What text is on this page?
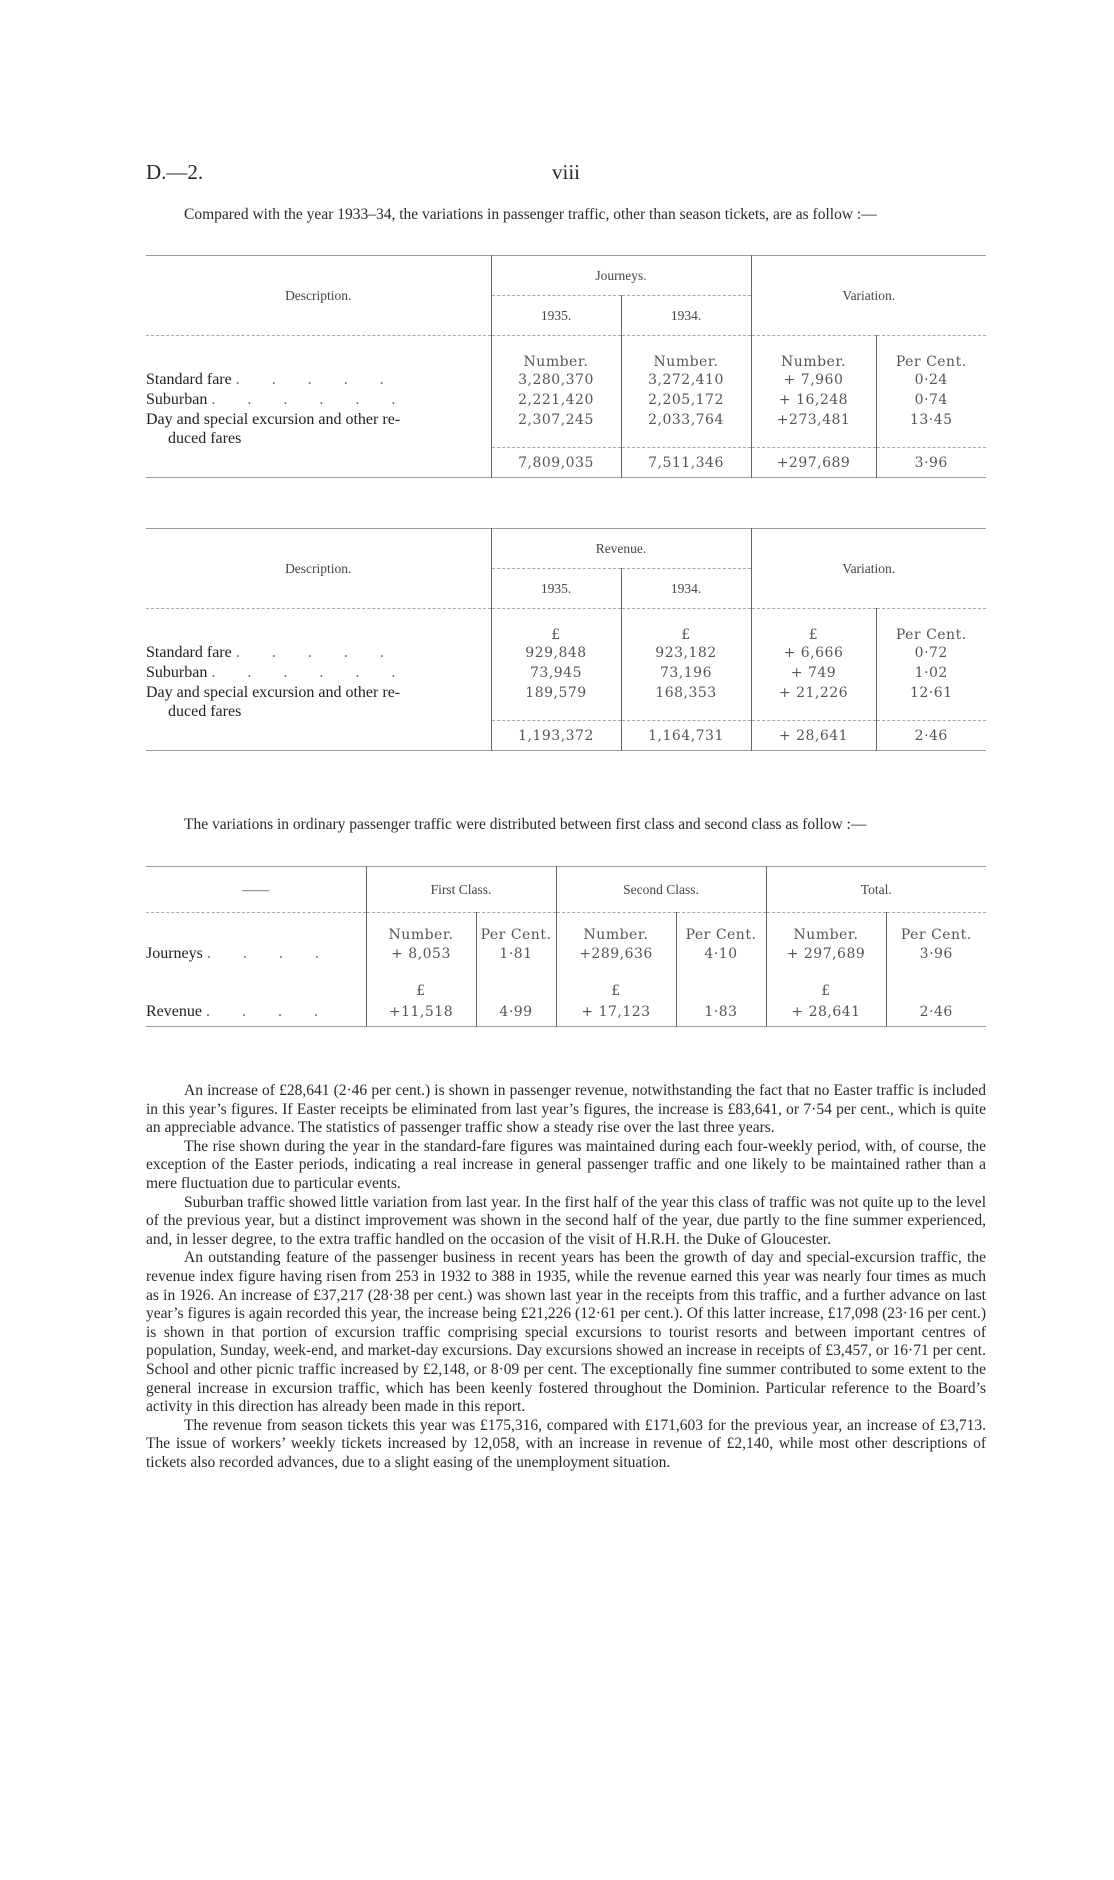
D.—2.	viii
Compared with the year 1933–34, the variations in passenger traffic, other than season tickets, are as follow :—
Description.	Journeys.		Variation.	
	1935.	1934.		
	Number.	Number.	Number.	Per Cent.
Standard fare . . . . .	3,280,370	3,272,410	+ 7,960	0·24
Suburban . . . . . .	2,221,420	2,205,172	+ 16,248	0·74
Day and special excursion and other re-	2,307,245	2,033,764	+273,481	13·45
duced fares				
	7,809,035	7,511,346	+297,689	3·96
Description.	Revenue.		Variation.	
	1935.	1934.		
	£	£	£	Per Cent.
Standard fare . . . . .	929,848	923,182	+ 6,666	0·72
Suburban . . . . . .	73,945	73,196	+ 749	1·02
Day and special excursion and other re-	189,579	168,353	+ 21,226	12·61
duced fares				
	1,193,372	1,164,731	+ 28,641	2·46
The variations in ordinary passenger traffic were distributed between first class and second class as follow :—
——	First Class.		Second Class.		Total.	
	Number.	Per Cent.	Number.	Per Cent.	Number.	Per Cent.
Journeys . . . .	+ 8,053	1·81	+289,636	4·10	+ 297,689	3·96
	£		£		£	
Revenue . . . .	+11,518	4·99	+ 17,123	1·83	+ 28,641	2·46

An increase of £28,641 (2·46 per cent.) is shown in passenger revenue, notwithstanding the fact that no Easter traffic is included in this year’s figures. If Easter receipts be eliminated from last year’s figures, the increase is £83,641, or 7·54 per cent., which is quite an appreciable advance. The statistics of passenger traffic show a steady rise over the last three years.

The rise shown during the year in the standard-fare figures was maintained during each four-weekly period, with, of course, the exception of the Easter periods, indicating a real increase in general passenger traffic and one likely to be maintained rather than a mere fluctuation due to particular events.

Suburban traffic showed little variation from last year. In the first half of the year this class of traffic was not quite up to the level of the previous year, but a distinct improvement was shown in the second half of the year, due partly to the fine summer experienced, and, in lesser degree, to the extra traffic handled on the occasion of the visit of H.R.H. the Duke of Gloucester.

An outstanding feature of the passenger business in recent years has been the growth of day and special-excursion traffic, the revenue index figure having risen from 253 in 1932 to 388 in 1935, while the revenue earned this year was nearly four times as much as in 1926. An increase of £37,217 (28·38 per cent.) was shown last year in the receipts from this traffic, and a further advance on last year’s figures is again recorded this year, the increase being £21,226 (12·61 per cent.). Of this latter increase, £17,098 (23·16 per cent.) is shown in that portion of excursion traffic comprising special excursions to tourist resorts and between important centres of population, Sunday, week-end, and market-day excursions. Day excursions showed an increase in receipts of £3,457, or 16·71 per cent. School and other picnic traffic increased by £2,148, or 8·09 per cent. The exceptionally fine summer contributed to some extent to the general increase in excursion traffic, which has been keenly fostered throughout the Dominion. Particular reference to the Board’s activity in this direction has already been made in this report.

The revenue from season tickets this year was £175,316, compared with £171,603 for the previous year, an increase of £3,713. The issue of workers’ weekly tickets increased by 12,058, with an increase in revenue of £2,140, while most other descriptions of tickets also recorded advances, due to a slight easing of the unemployment situation.
